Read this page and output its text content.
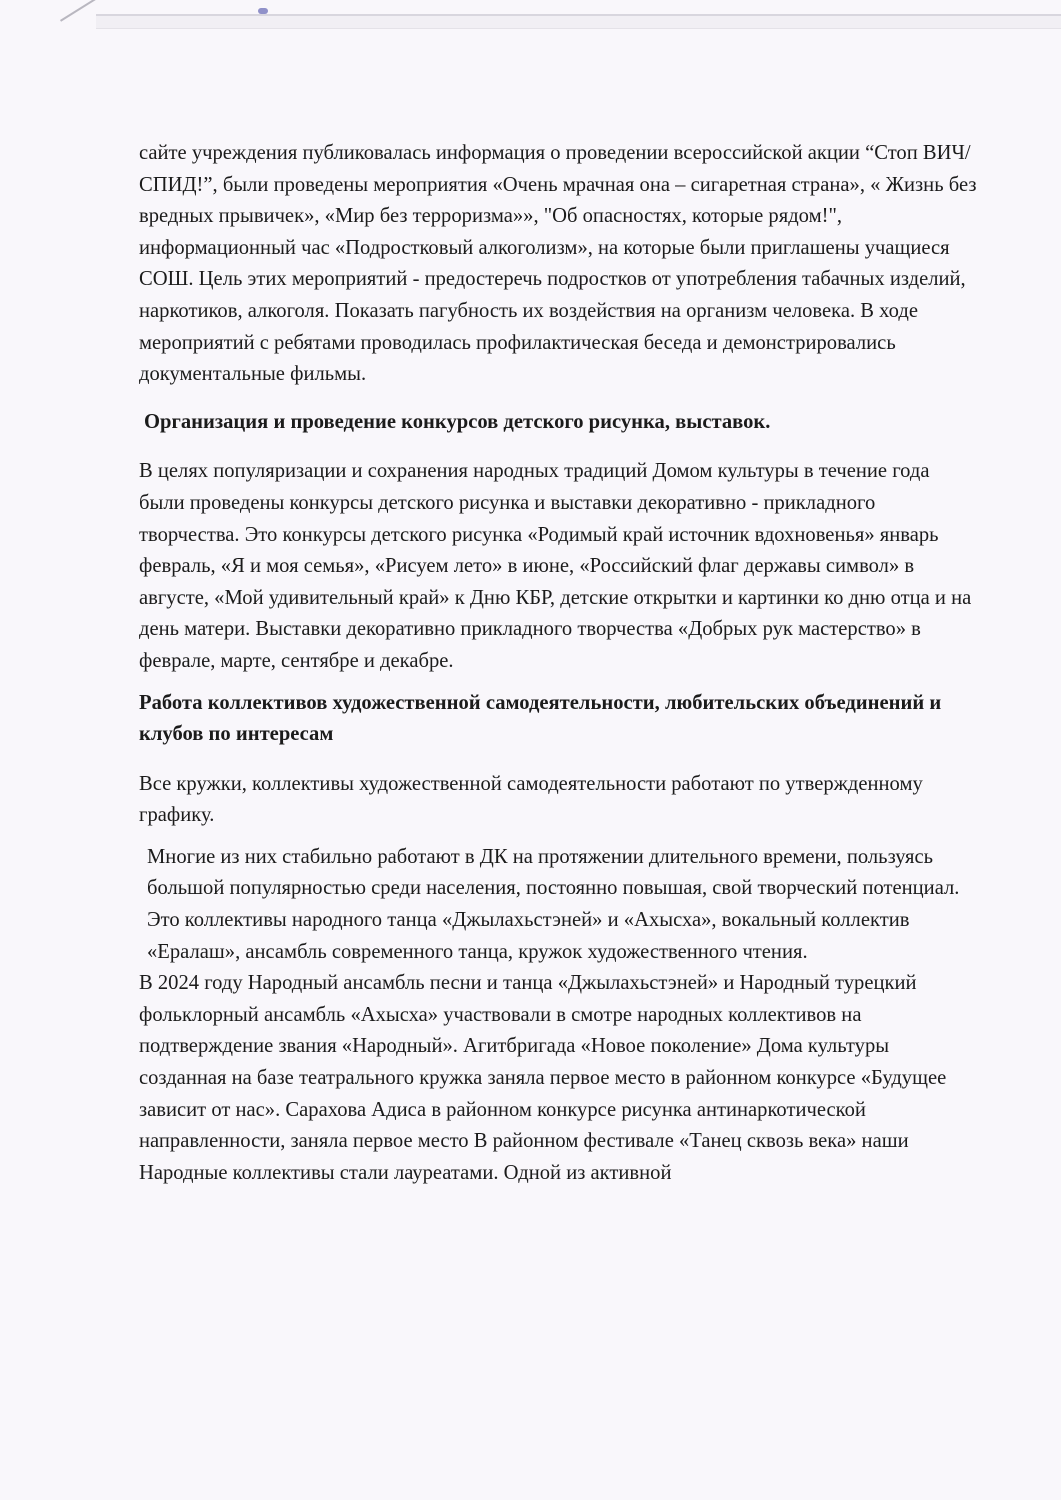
сайте учреждения публиковалась информация о проведении всероссийской акции “Стоп ВИЧ/СПИД!”, были проведены мероприятия «Очень мрачная она – сигаретная страна», « Жизнь без вредных прывичек», «Мир без терроризма»», "Об опасностях, которые рядом!", информационный час «Подростковый алкоголизм», на которые были приглашены учащиеся СОШ. Цель этих мероприятий - предостеречь подростков от употребления табачных изделий, наркотиков, алкоголя. Показать пагубность их воздействия на организм человека. В ходе мероприятий с ребятами проводилась профилактическая беседа и демонстрировались документальные фильмы.

Организация и проведение конкурсов детского рисунка, выставок.

В целях популяризации и сохранения народных традиций Домом культуры в течение года были проведены конкурсы детского рисунка и выставки декоративно - прикладного творчества. Это конкурсы детского рисунка «Родимый край источник вдохновенья» январь февраль, «Я и моя семья», «Рисуем лето» в июне, «Российский флаг державы символ» в августе, «Мой удивительный край» к Дню КБР, детские открытки и картинки ко дню отца и на день матери. Выставки декоративно прикладного творчества «Добрых рук мастерство» в феврале, марте, сентябре и декабре.

Работа коллективов художественной самодеятельности, любительских объединений и клубов по интересам

Все кружки, коллективы художественной самодеятельности работают по утвержденному графику.

Многие из них стабильно работают в ДК на протяжении длительного времени, пользуясь большой популярностью среди населения, постоянно повышая, свой творческий потенциал. Это коллективы народного танца «Джылахьстэней» и «Ахысха», вокальный коллектив «Ералаш», ансамбль современного танца, кружок художественного чтения.

В 2024 году Народный ансамбль песни и танца «Джылахьстэней» и Народный турецкий фольклорный ансамбль «Ахысха» участвовали в смотре народных коллективов на подтверждение звания «Народный». Агитбригада «Новое поколение» Дома культуры созданная на базе театрального кружка заняла первое место в районном конкурсе «Будущее зависит от нас». Сарахова Адиса в районном конкурсе рисунка антинаркотической направленности, заняла первое место В районном фестивале «Танец сквозь века» наши Народные коллективы стали лауреатами. Одной из активной
